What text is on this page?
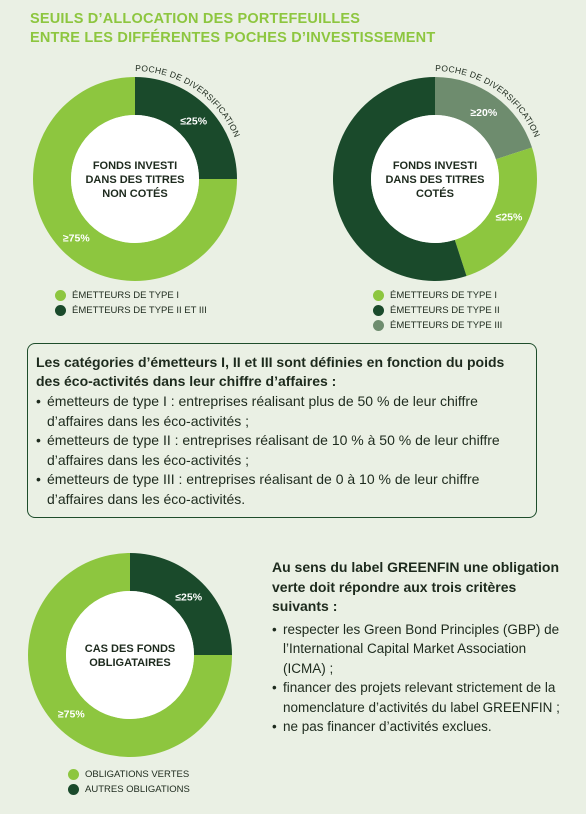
SEUILS D’ALLOCATION DES PORTEFEUILLES
ENTRE LES DIFFÉRENTES POCHES D’INVESTISSEMENT
≥75%
≤25%
FONDS INVESTI
DANS DES TITRES
NON COTÉS
POCHE DE DIVERSIFICATION
ÉMETTEURS DE TYPE I
ÉMETTEURS DE TYPE II ET III
≤25%
≥20%
FONDS INVESTI
DANS DES TITRES
COTÉS
POCHE DE DIVERSIFICATION
ÉMETTEURS DE TYPE I
ÉMETTEURS DE TYPE II
ÉMETTEURS DE TYPE III

Les catégories d’émetteurs I, II et III sont définies en fonction du poids des éco-activités dans leur chiffre d’affaires :

• émetteurs de type I : entreprises réalisant plus de 50 % de leur chiffre d’affaires dans les éco-activités ;
• émetteurs de type II : entreprises réalisant de 10 % à 50 % de leur chiffre d’affaires dans les éco-activités ;
• émetteurs de type III : entreprises réalisant de 0 à 10 % de leur chiffre d’affaires dans les éco-activités.
≥75%
≤25%
CAS DES FONDS
OBLIGATAIRES
OBLIGATIONS VERTES
AUTRES OBLIGATIONS

Au sens du label GREENFIN une obligation verte doit répondre aux trois critères suivants :

• respecter les Green Bond Principles (GBP) de l’International Capital Market Association (ICMA) ;
• financer des projets relevant strictement de la nomenclature d’activités du label GREENFIN ;
• ne pas financer d’activités exclues.
